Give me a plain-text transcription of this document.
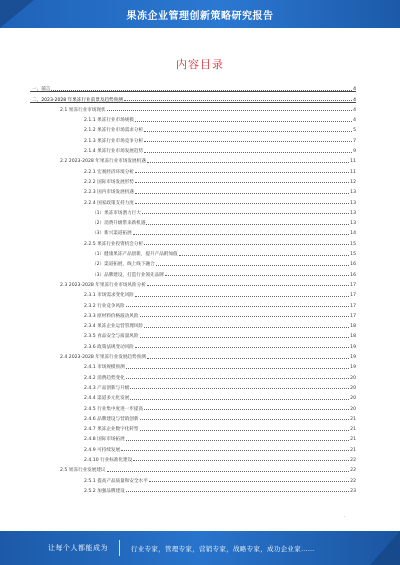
果冻企业管理创新策略研究报告
内容目录
一、前言	4
二、2023-2028 年果冻行业前景及趋势预测	4
2.1 果冻行业市场现状	4
2.1.1 果冻行业市场规模	4
2.1.2 果冻行业市场需求分析	5
2.1.3 果冻行业市场竞争分析	7
2.1.4 果冻行业市场发展趋势	9
2.2 2023-2028 年果冻行业市场发展机遇	11
2.2.1 宏观经济环境分析	11
2.2.2 国际市场发展形势	12
2.2.3 国内市场发展机遇	13
2.2.4 国家政策支持力度	13
（1）果冻市场潜力巨大	13
（2）消费升级带来新机遇	13
（3）新兴渠道拓展	14
2.2.5 果冻行业投资机会分析	15
（1）健康果冻产品创新，提升产品附加值	15
（2）渠道拓展，线上线下融合	16
（3）品牌建设，打造行业领先品牌	16
2.3 2023-2028 年果冻行业市场风险分析	17
2.3.1 市场需求变化风险	17
2.3.2 行业竞争风险	17
2.3.3 原材料价格波动风险	17
2.3.4 果冻企业运营管理风险	18
2.3.5 食品安全与质量风险	18
2.3.6 政策法规变动风险	19
2.4 2023-2028 年果冻行业发展趋势预测	19
2.4.1 市场规模预测	19
2.4.2 消费趋势变化	20
2.4.3 产品创新与升级	20
2.4.4 渠道多元化发展	20
2.4.5 行业集中度进一步提高	20
2.4.6 品牌建设与营销创新	21
2.4.7 果冻企业数字化转型	21
2.4.8 国际市场拓展	21
2.4.9 可持续发展	21
2.4.10 行业标准化建设	22
2.5 果冻行业发展建议	22
2.5.1 提高产品质量和安全水平	22
2.5.2 加强品牌建设	23
·
让每个人都能成为	行业专家，管理专家，营销专家，战略专家，成功企业家……
